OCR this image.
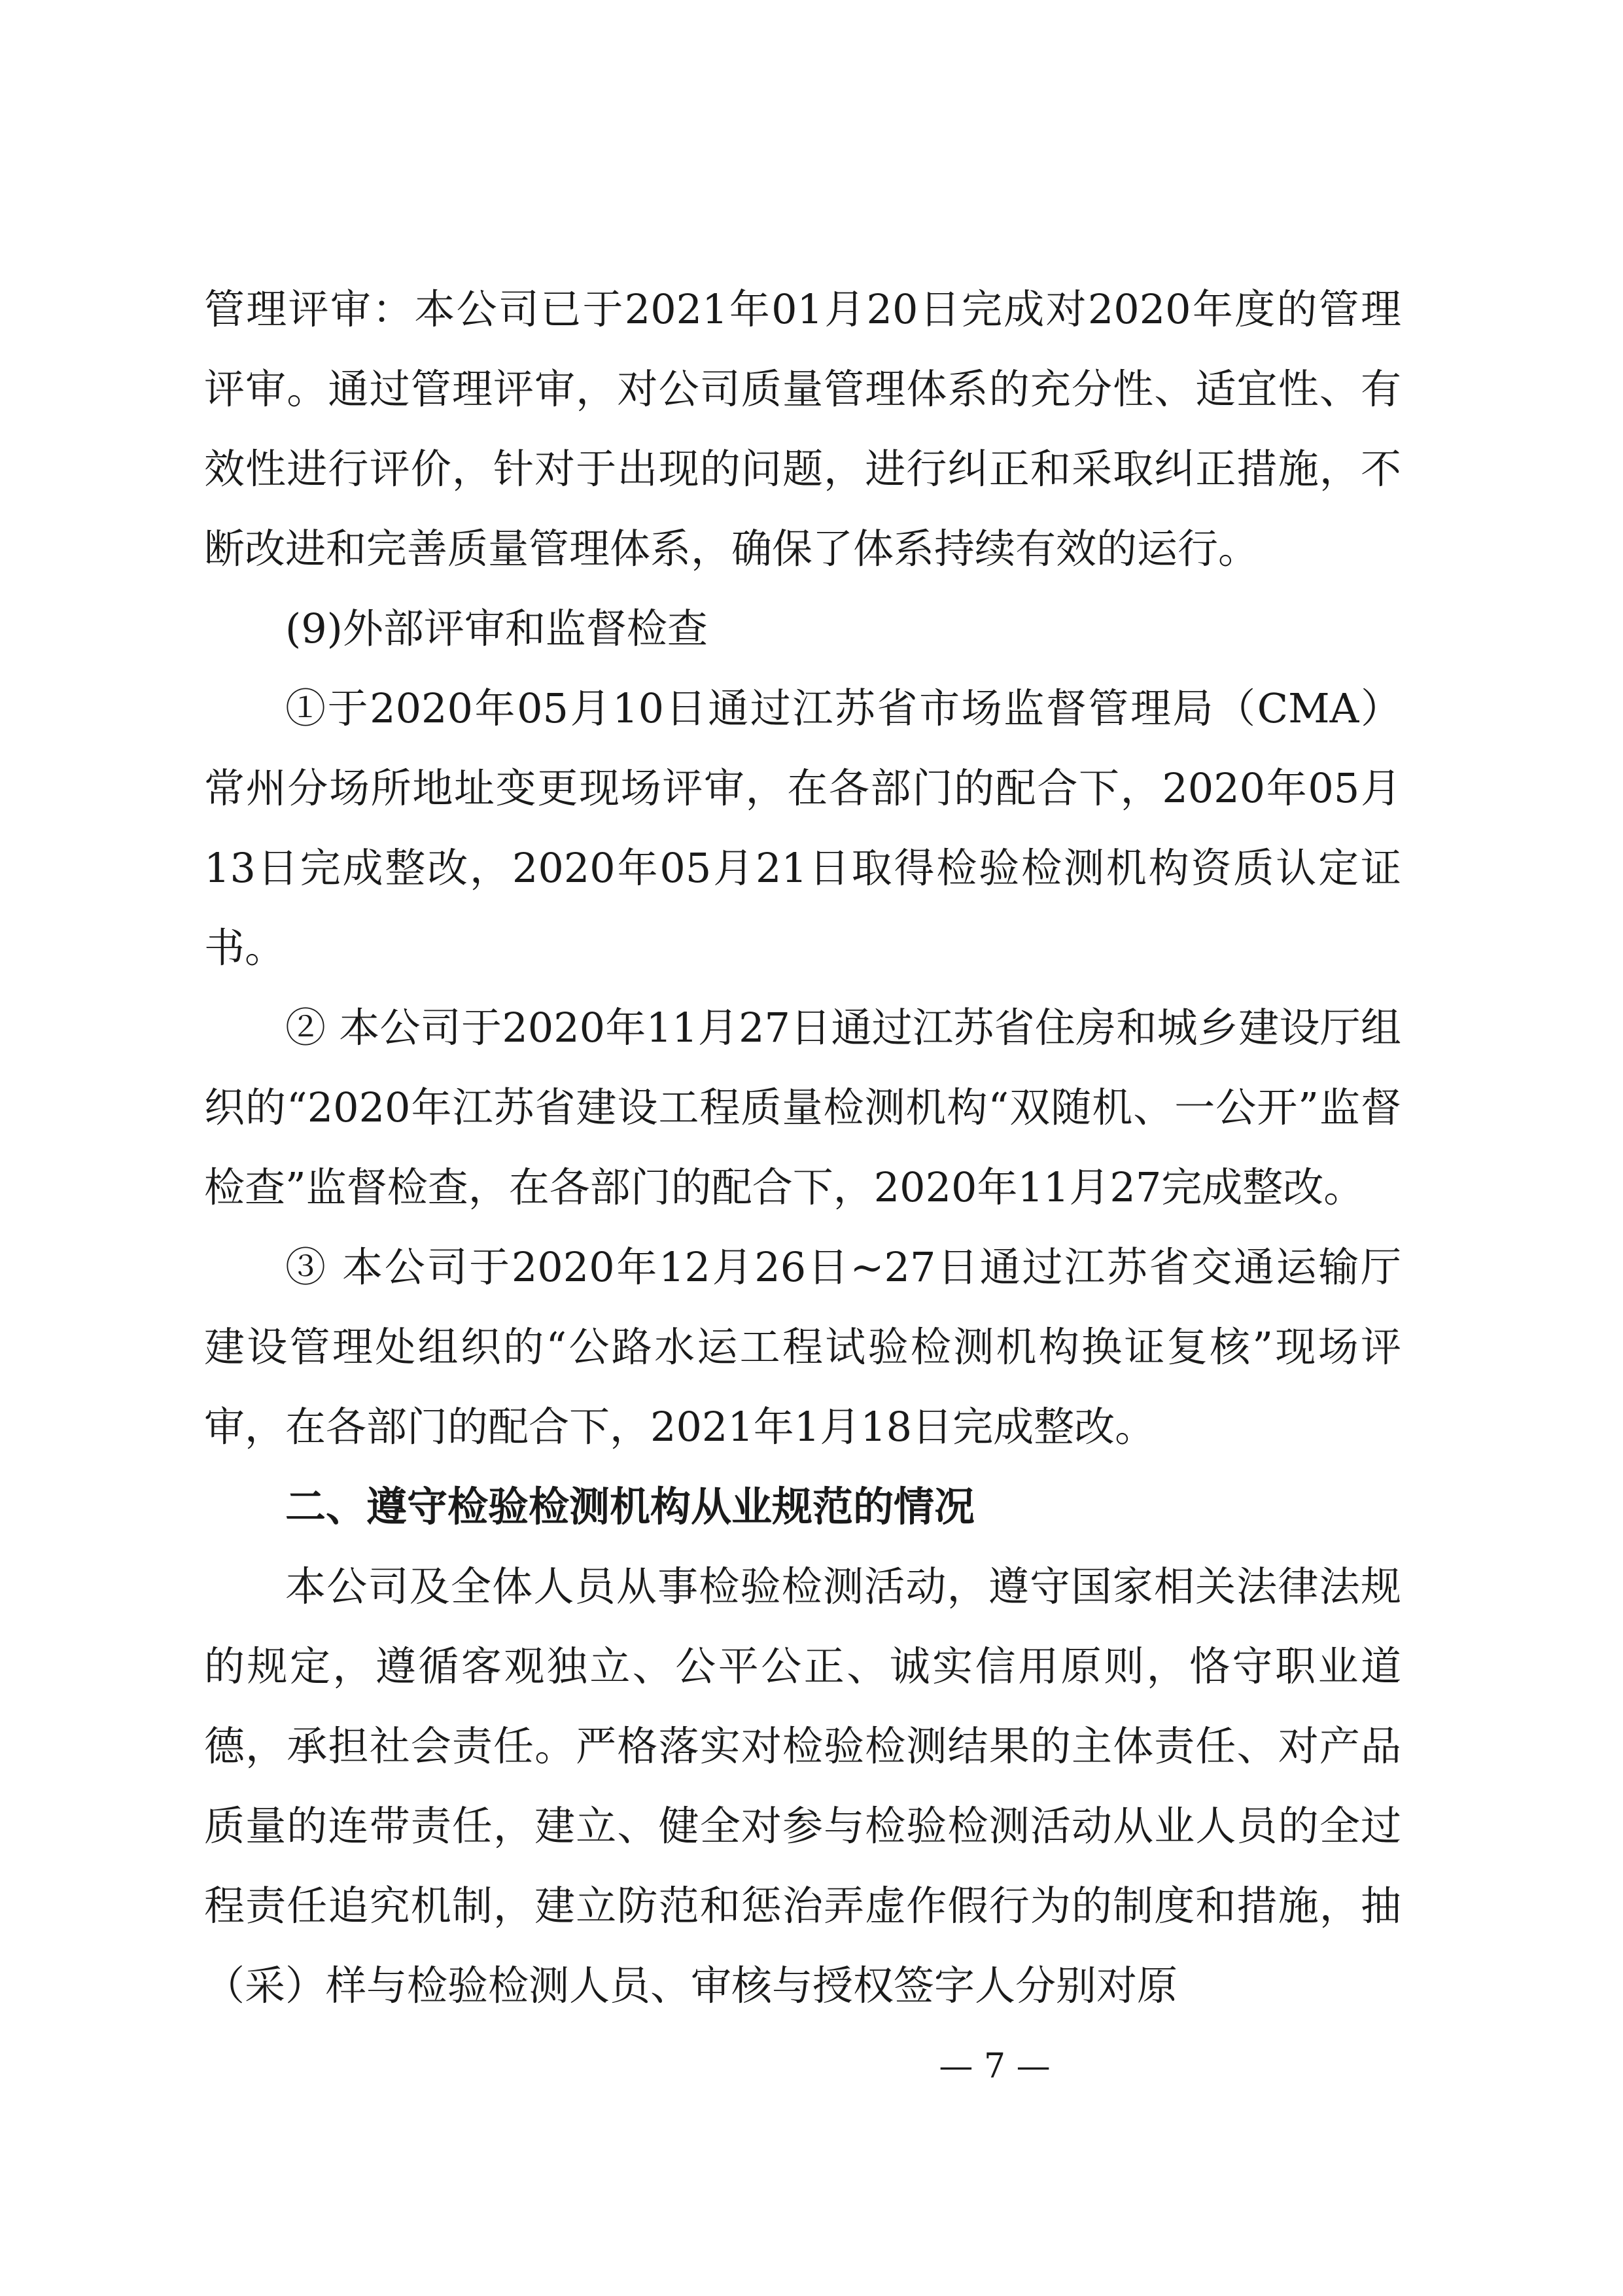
管理评审：本公司已于2021年01月20日完成对2020年度的管理评审。通过管理评审，对公司质量管理体系的充分性、适宜性、有效性进行评价，针对于出现的问题，进行纠正和采取纠正措施，不断改进和完善质量管理体系，确保了体系持续有效的运行。

(9)外部评审和监督检查

①于2020年05月10日通过江苏省市场监督管理局（CMA）常州分场所地址变更现场评审，在各部门的配合下，2020年05月13日完成整改，2020年05月21日取得检验检测机构资质认定证书。

② 本公司于2020年11月27日通过江苏省住房和城乡建设厅组织的“2020年江苏省建设工程质量检测机构“双随机、一公开”监督检查”监督检查，在各部门的配合下，2020年11月27完成整改。

③ 本公司于2020年12月26日~27日通过江苏省交通运输厅建设管理处组织的“公路水运工程试验检测机构换证复核”现场评审，在各部门的配合下，2021年1月18日完成整改。

二、遵守检验检测机构从业规范的情况

本公司及全体人员从事检验检测活动，遵守国家相关法律法规的规定，遵循客观独立、公平公正、诚实信用原则，恪守职业道德，承担社会责任。严格落实对检验检测结果的主体责任、对产品质量的连带责任，建立、健全对参与检验检测活动从业人员的全过程责任追究机制，建立防范和惩治弄虚作假行为的制度和措施，抽（采）样与检验检测人员、审核与授权签字人分别对原

— 7 —
